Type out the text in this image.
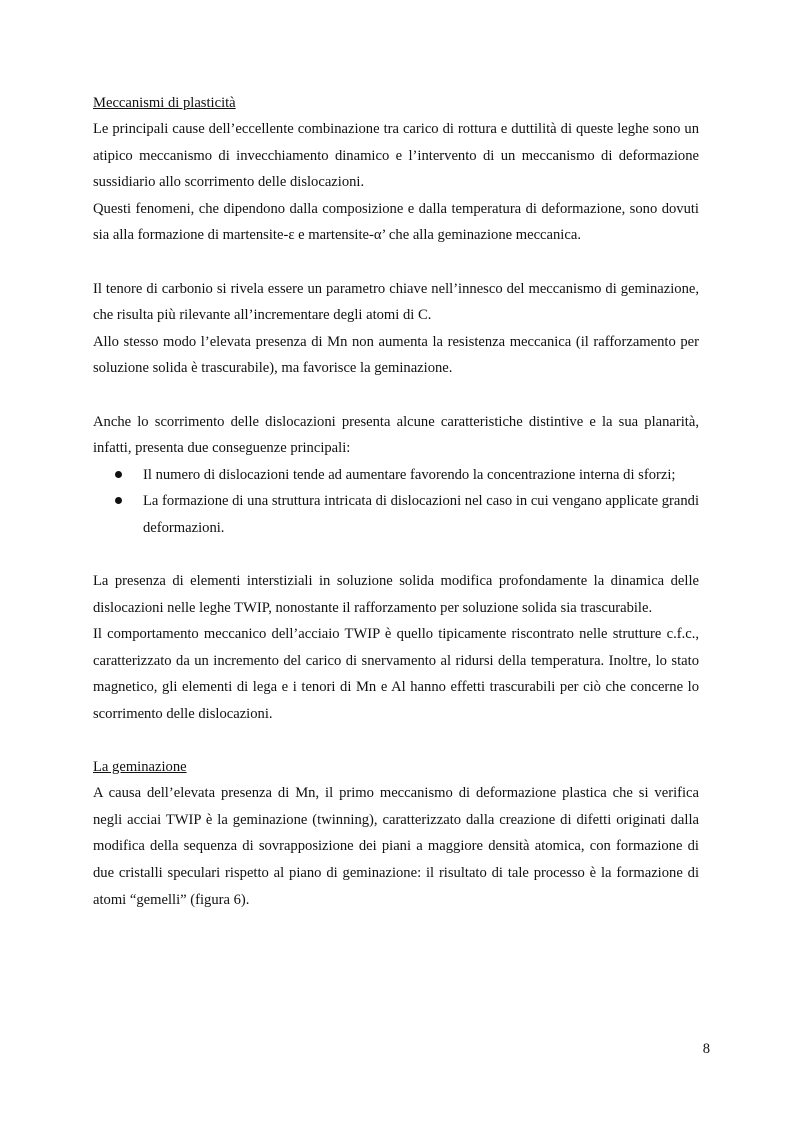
Meccanismi di plasticità

Le principali cause dell’eccellente combinazione tra carico di rottura e duttilità di queste leghe sono un atipico meccanismo di invecchiamento dinamico e l’intervento di un meccanismo di deformazione sussidiario allo scorrimento delle dislocazioni.

Questi fenomeni, che dipendono dalla composizione e dalla temperatura di deformazione, sono dovuti sia alla formazione di martensite-ε e martensite-α’ che alla geminazione meccanica.

Il tenore di carbonio si rivela essere un parametro chiave nell’innesco del meccanismo di geminazione, che risulta più rilevante all’incrementare degli atomi di C.

Allo stesso modo l’elevata presenza di Mn non aumenta la resistenza meccanica (il rafforzamento per soluzione solida è trascurabile), ma favorisce la geminazione.

Anche lo scorrimento delle dislocazioni presenta alcune caratteristiche distintive e la sua planarità, infatti, presenta due conseguenze principali:

Il numero di dislocazioni tende ad aumentare favorendo la concentrazione interna di sforzi;
La formazione di una struttura intricata di dislocazioni nel caso in cui vengano applicate grandi deformazioni.

La presenza di elementi interstiziali in soluzione solida modifica profondamente la dinamica delle dislocazioni nelle leghe TWIP, nonostante il rafforzamento per soluzione solida sia trascurabile.

Il comportamento meccanico dell’acciaio TWIP è quello tipicamente riscontrato nelle strutture c.f.c., caratterizzato da un incremento del carico di snervamento al ridursi della temperatura. Inoltre, lo stato magnetico, gli elementi di lega e i tenori di Mn e Al hanno effetti trascurabili per ciò che concerne lo scorrimento delle dislocazioni.

La geminazione

A causa dell’elevata presenza di Mn, il primo meccanismo di deformazione plastica che si verifica negli acciai TWIP è la geminazione (twinning), caratterizzato dalla creazione di difetti originati dalla modifica della sequenza di sovrapposizione dei piani a maggiore densità atomica, con formazione di due cristalli speculari rispetto al piano di geminazione: il risultato di tale processo è la formazione di atomi “gemelli” (figura 6).

8
